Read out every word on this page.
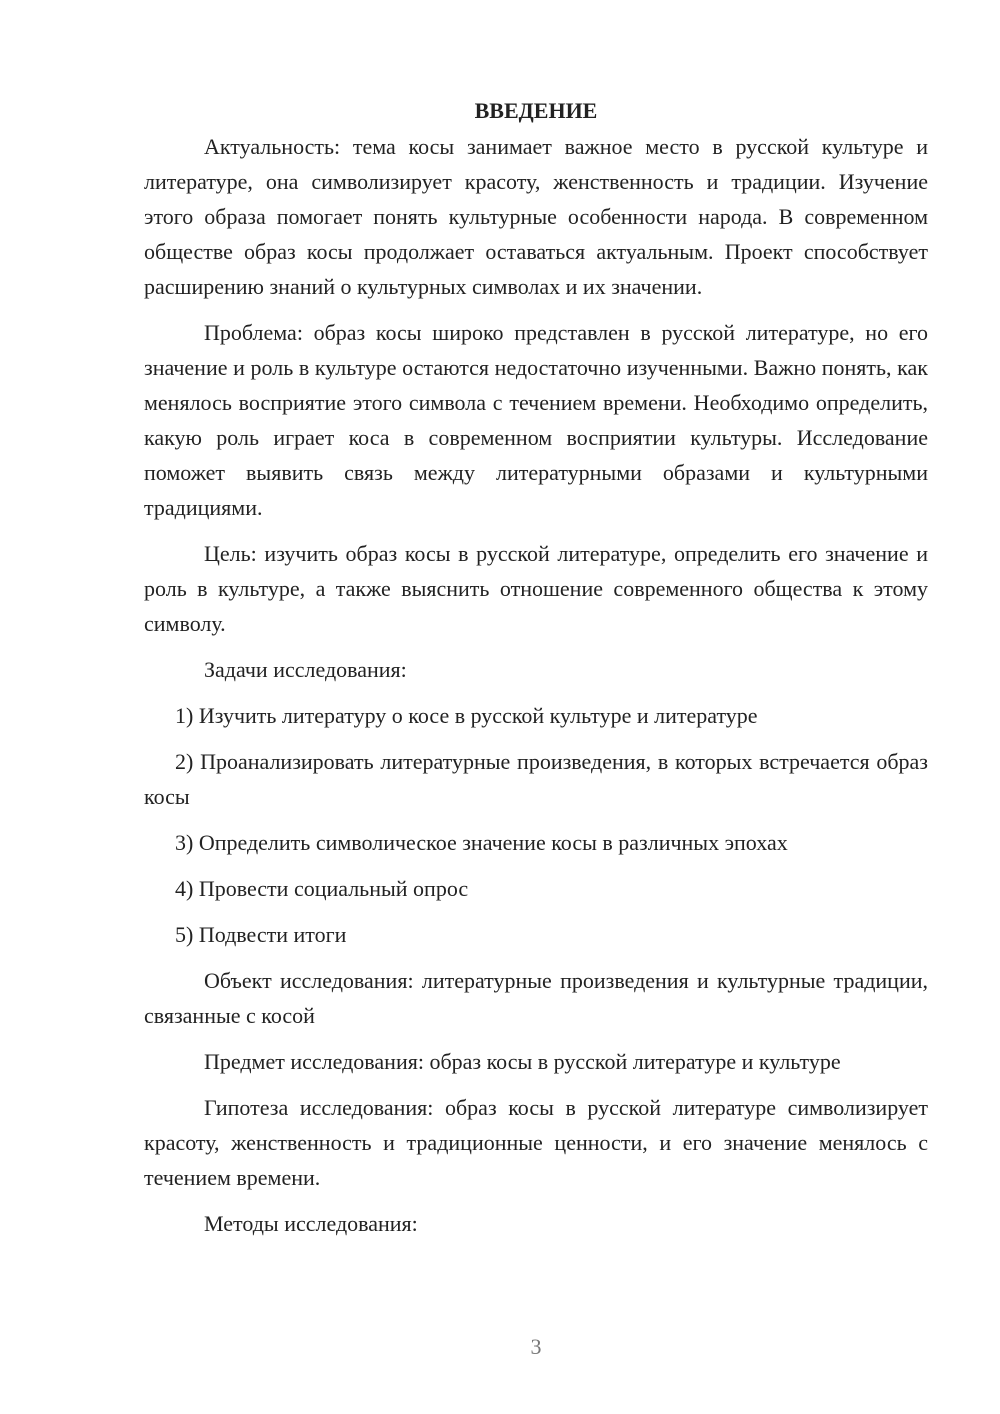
ВВЕДЕНИЕ

Актуальность: тема косы занимает важное место в русской культуре и литературе, она символизирует красоту, женственность и традиции. Изучение этого образа помогает понять культурные особенности народа. В современном обществе образ косы продолжает оставаться актуальным. Проект способствует расширению знаний о культурных символах и их значении.

Проблема: образ косы широко представлен в русской литературе, но его значение и роль в культуре остаются недостаточно изученными. Важно понять, как менялось восприятие этого символа с течением времени. Необходимо определить, какую роль играет коса в современном восприятии культуры. Исследование поможет выявить связь между литературными образами и культурными традициями.

Цель: изучить образ косы в русской литературе, определить его значение и роль в культуре, а также выяснить отношение современного общества к этому символу.

Задачи исследования:

1) Изучить литературу о косе в русской культуре и литературе

2) Проанализировать литературные произведения, в которых встречается образ косы

3) Определить символическое значение косы в различных эпохах

4) Провести социальный опрос

5) Подвести итоги

Объект исследования: литературные произведения и культурные традиции, связанные с косой

Предмет исследования: образ косы в русской литературе и культуре

Гипотеза исследования: образ косы в русской литературе символизирует красоту, женственность и традиционные ценности, и его значение менялось с течением времени.

Методы исследования:

3
